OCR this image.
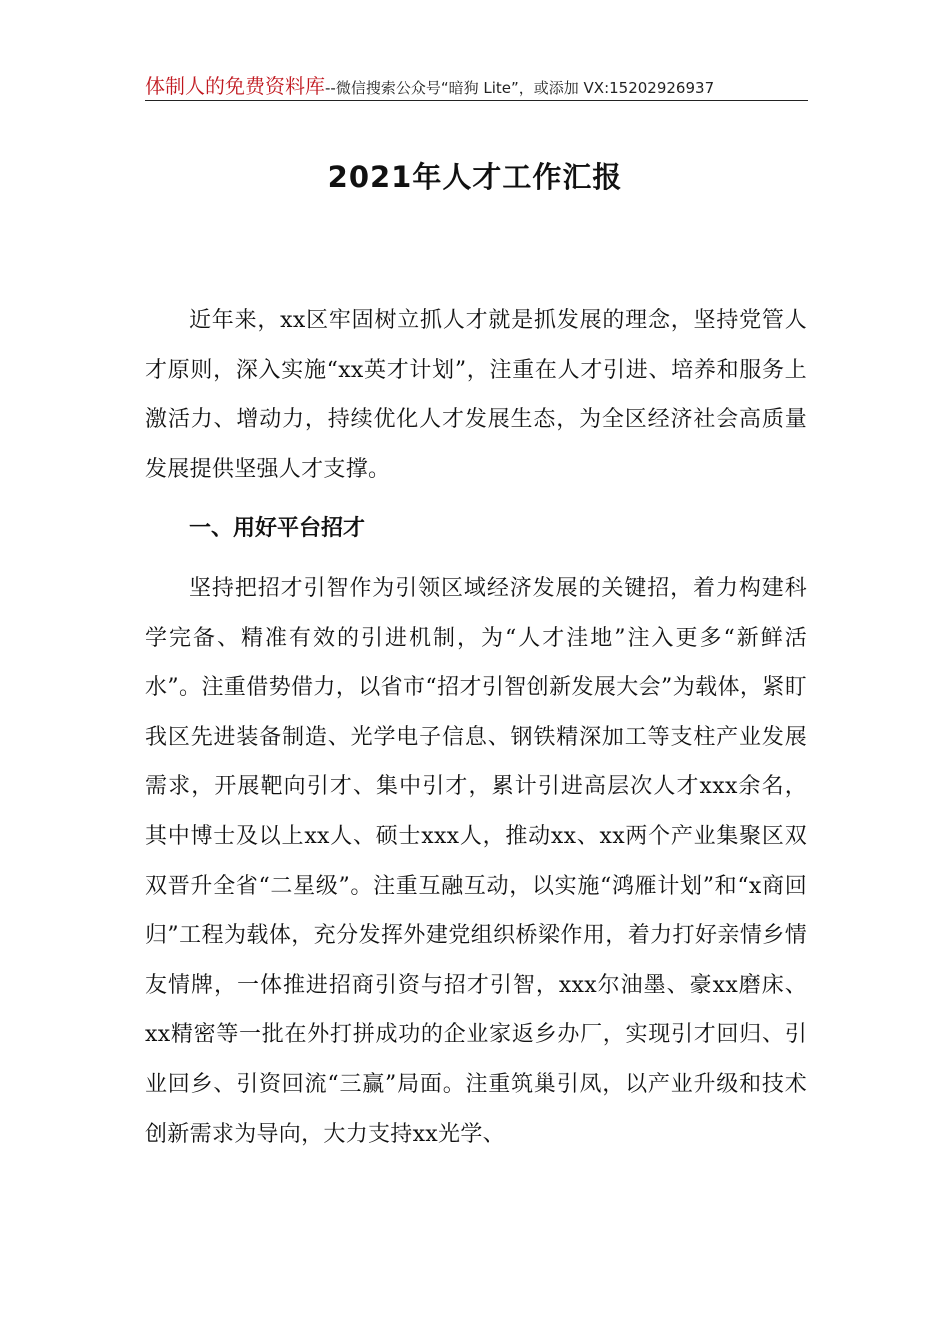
体制人的免费资料库--微信搜索公众号“暗狗 Lite”，或添加 VX:15202926937
2021年人才工作汇报

近年来，xx区牢固树立抓人才就是抓发展的理念，坚持党管人才原则，深入实施“xx英才计划”，注重在人才引进、培养和服务上激活力、增动力，持续优化人才发展生态，为全区经济社会高质量发展提供坚强人才支撑。

一、用好平台招才

坚持把招才引智作为引领区域经济发展的关键招，着力构建科学完备、精准有效的引进机制，为“人才洼地”注入更多“新鲜活水”。注重借势借力，以省市“招才引智创新发展大会”为载体，紧盯我区先进装备制造、光学电子信息、钢铁精深加工等支柱产业发展需求，开展靶向引才、集中引才，累计引进高层次人才xxx余名，其中博士及以上xx人、硕士xxx人，推动xx、xx两个产业集聚区双双晋升全省“二星级”。注重互融互动，以实施“鸿雁计划”和“x商回归”工程为载体，充分发挥外建党组织桥梁作用，着力打好亲情乡情友情牌，一体推进招商引资与招才引智，xxx尔油墨、豪xx磨床、xx精密等一批在外打拼成功的企业家返乡办厂，实现引才回归、引业回乡、引资回流“三赢”局面。注重筑巢引凤，以产业升级和技术创新需求为导向，大力支持xx光学、
